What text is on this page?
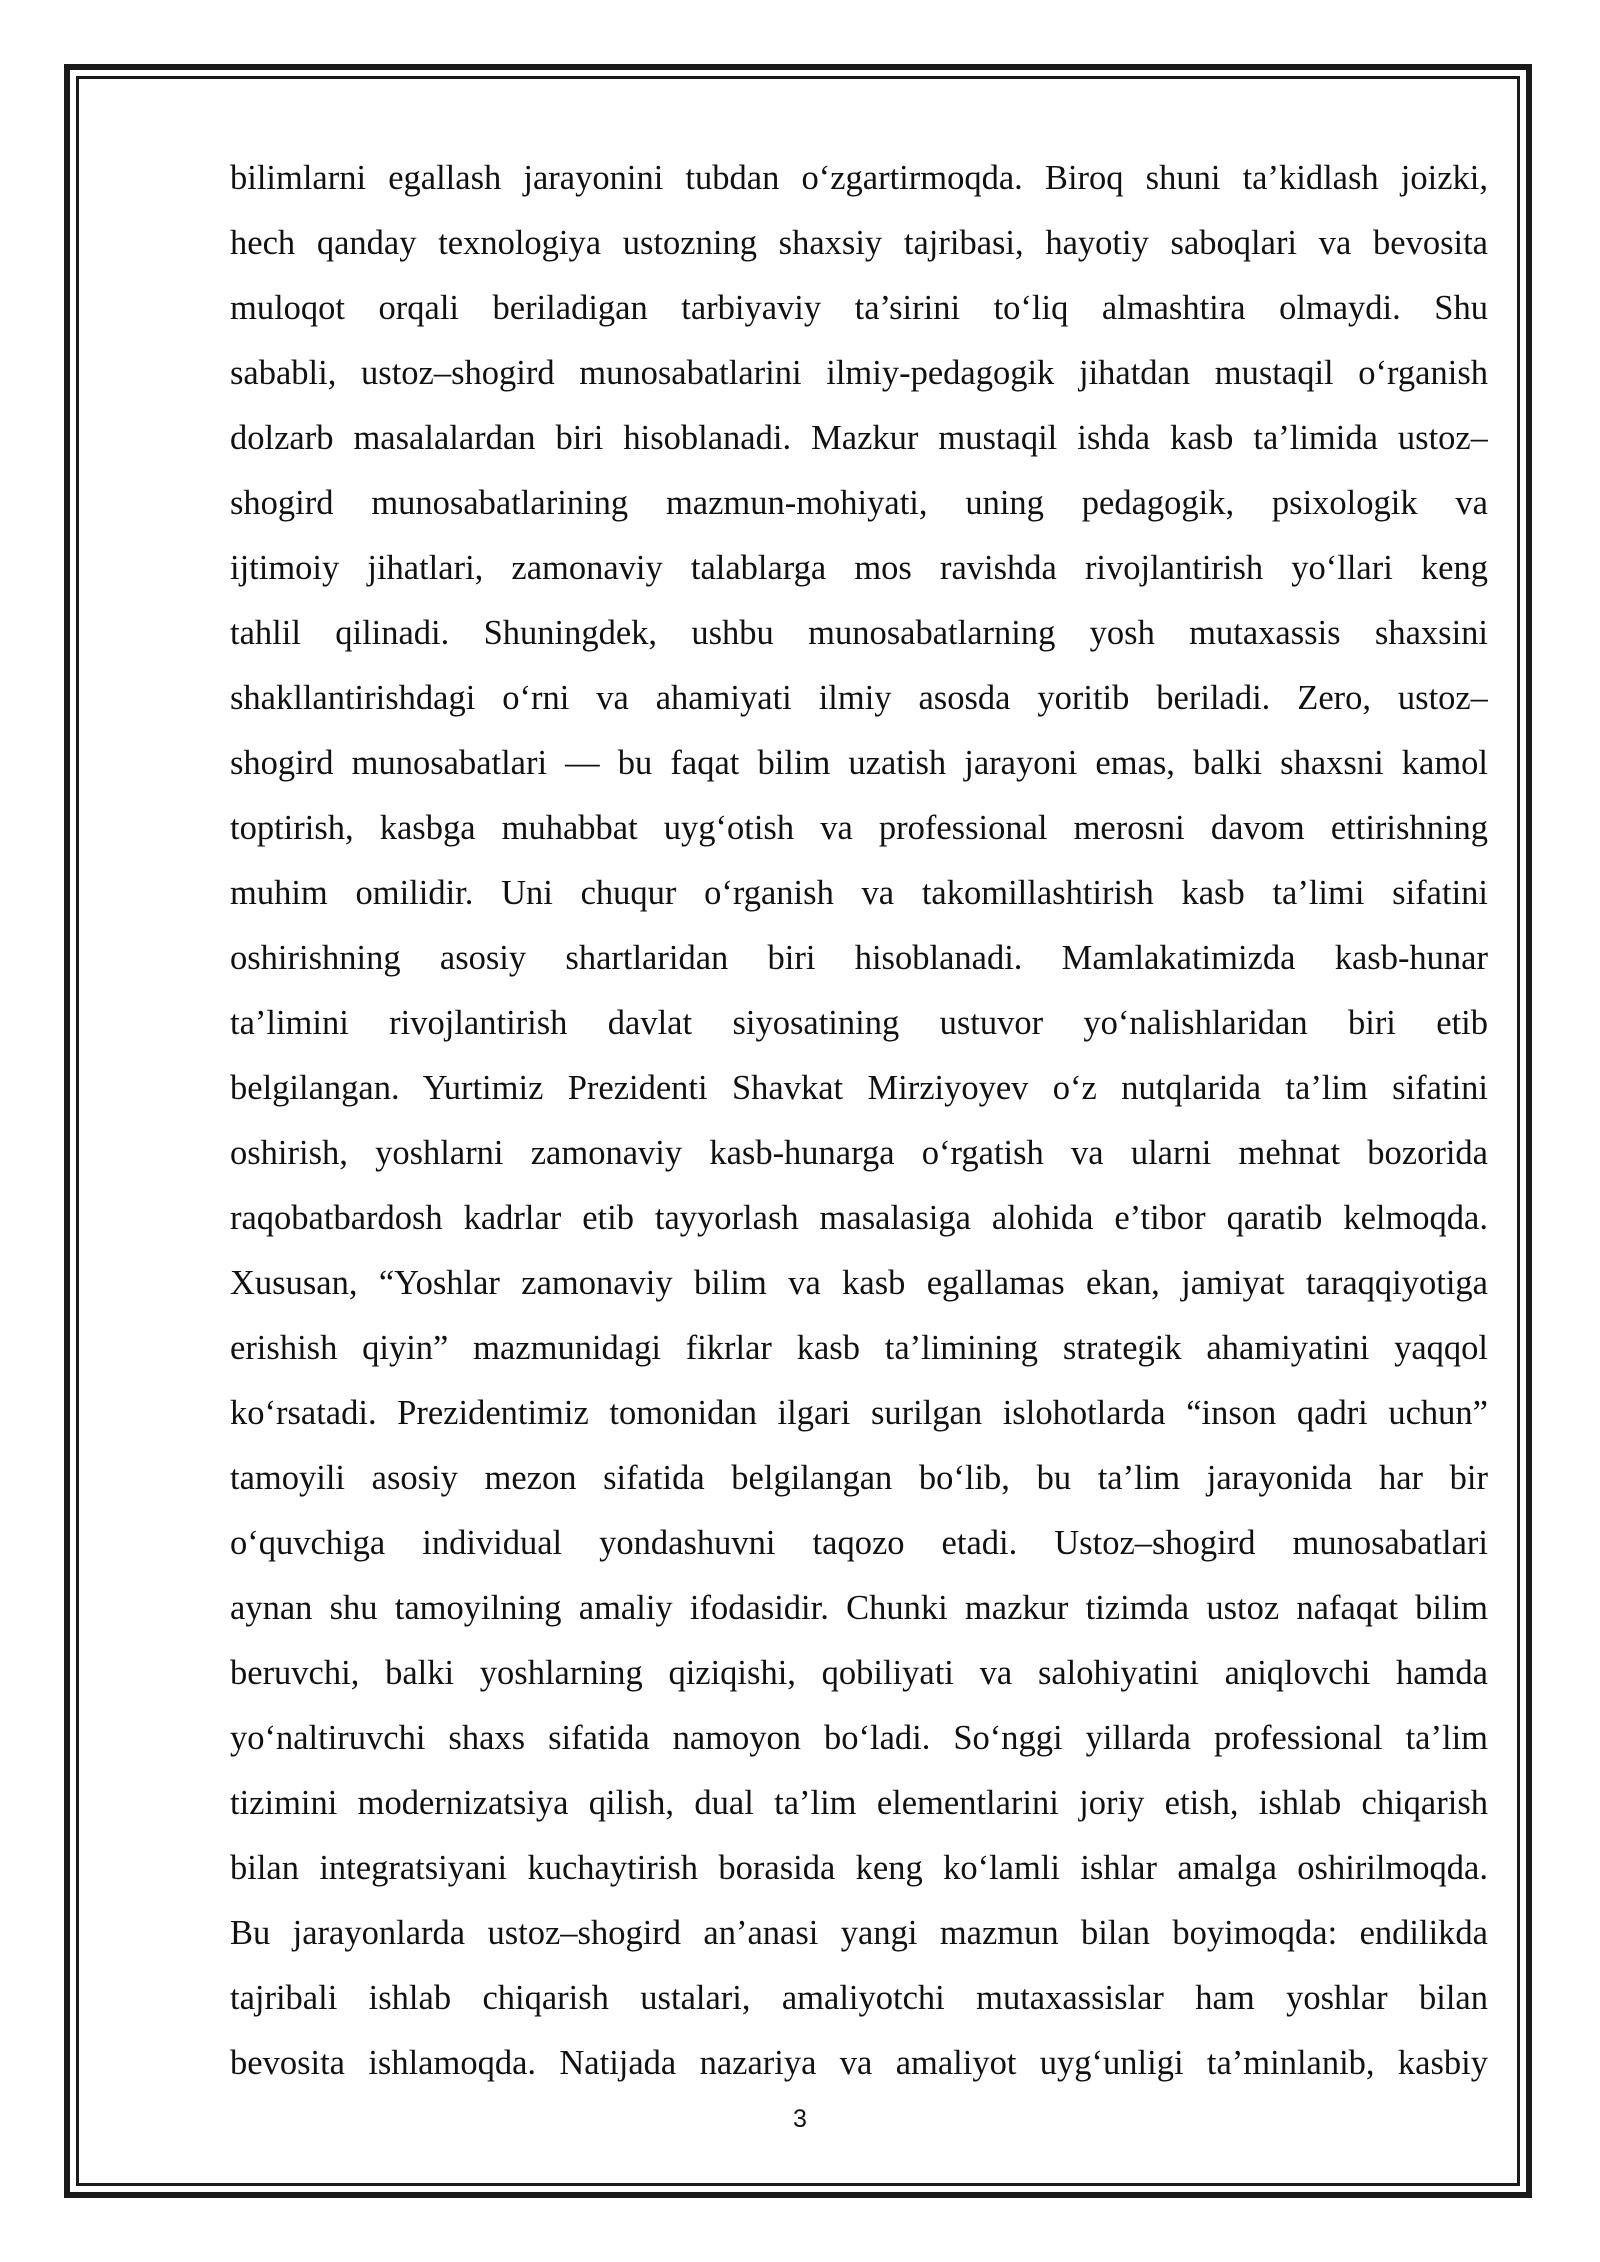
bilimlarni egallash jarayonini tubdan o‘zgartirmoqda. Biroq shuni ta’kidlash joizki,
hech qanday texnologiya ustozning shaxsiy tajribasi, hayotiy saboqlari va bevosita
muloqot orqali beriladigan tarbiyaviy ta’sirini to‘liq almashtira olmaydi. Shu
sababli, ustoz–shogird munosabatlarini ilmiy-pedagogik jihatdan mustaqil o‘rganish
dolzarb masalalardan biri hisoblanadi. Mazkur mustaqil ishda kasb ta’limida ustoz–
shogird munosabatlarining mazmun-mohiyati, uning pedagogik, psixologik va
ijtimoiy jihatlari, zamonaviy talablarga mos ravishda rivojlantirish yo‘llari keng
tahlil qilinadi. Shuningdek, ushbu munosabatlarning yosh mutaxassis shaxsini
shakllantirishdagi o‘rni va ahamiyati ilmiy asosda yoritib beriladi. Zero, ustoz–
shogird munosabatlari — bu faqat bilim uzatish jarayoni emas, balki shaxsni kamol
toptirish, kasbga muhabbat uyg‘otish va professional merosni davom ettirishning
muhim omilidir. Uni chuqur o‘rganish va takomillashtirish kasb ta’limi sifatini
oshirishning asosiy shartlaridan biri hisoblanadi. Mamlakatimizda kasb-hunar
ta’limini rivojlantirish davlat siyosatining ustuvor yo‘nalishlaridan biri etib
belgilangan. Yurtimiz Prezidenti Shavkat Mirziyoyev o‘z nutqlarida ta’lim sifatini
oshirish, yoshlarni zamonaviy kasb-hunarga o‘rgatish va ularni mehnat bozorida
raqobatbardosh kadrlar etib tayyorlash masalasiga alohida e’tibor qaratib kelmoqda.
Xususan, “Yoshlar zamonaviy bilim va kasb egallamas ekan, jamiyat taraqqiyotiga
erishish qiyin” mazmunidagi fikrlar kasb ta’limining strategik ahamiyatini yaqqol
ko‘rsatadi. Prezidentimiz tomonidan ilgari surilgan islohotlarda “inson qadri uchun”
tamoyili asosiy mezon sifatida belgilangan bo‘lib, bu ta’lim jarayonida har bir
o‘quvchiga individual yondashuvni taqozo etadi. Ustoz–shogird munosabatlari
aynan shu tamoyilning amaliy ifodasidir. Chunki mazkur tizimda ustoz nafaqat bilim
beruvchi, balki yoshlarning qiziqishi, qobiliyati va salohiyatini aniqlovchi hamda
yo‘naltiruvchi shaxs sifatida namoyon bo‘ladi. So‘nggi yillarda professional ta’lim
tizimini modernizatsiya qilish, dual ta’lim elementlarini joriy etish, ishlab chiqarish
bilan integratsiyani kuchaytirish borasida keng ko‘lamli ishlar amalga oshirilmoqda.
Bu jarayonlarda ustoz–shogird an’anasi yangi mazmun bilan boyimoqda: endilikda
tajribali ishlab chiqarish ustalari, amaliyotchi mutaxassislar ham yoshlar bilan
bevosita ishlamoqda. Natijada nazariya va amaliyot uyg‘unligi ta’minlanib, kasbiy
3
